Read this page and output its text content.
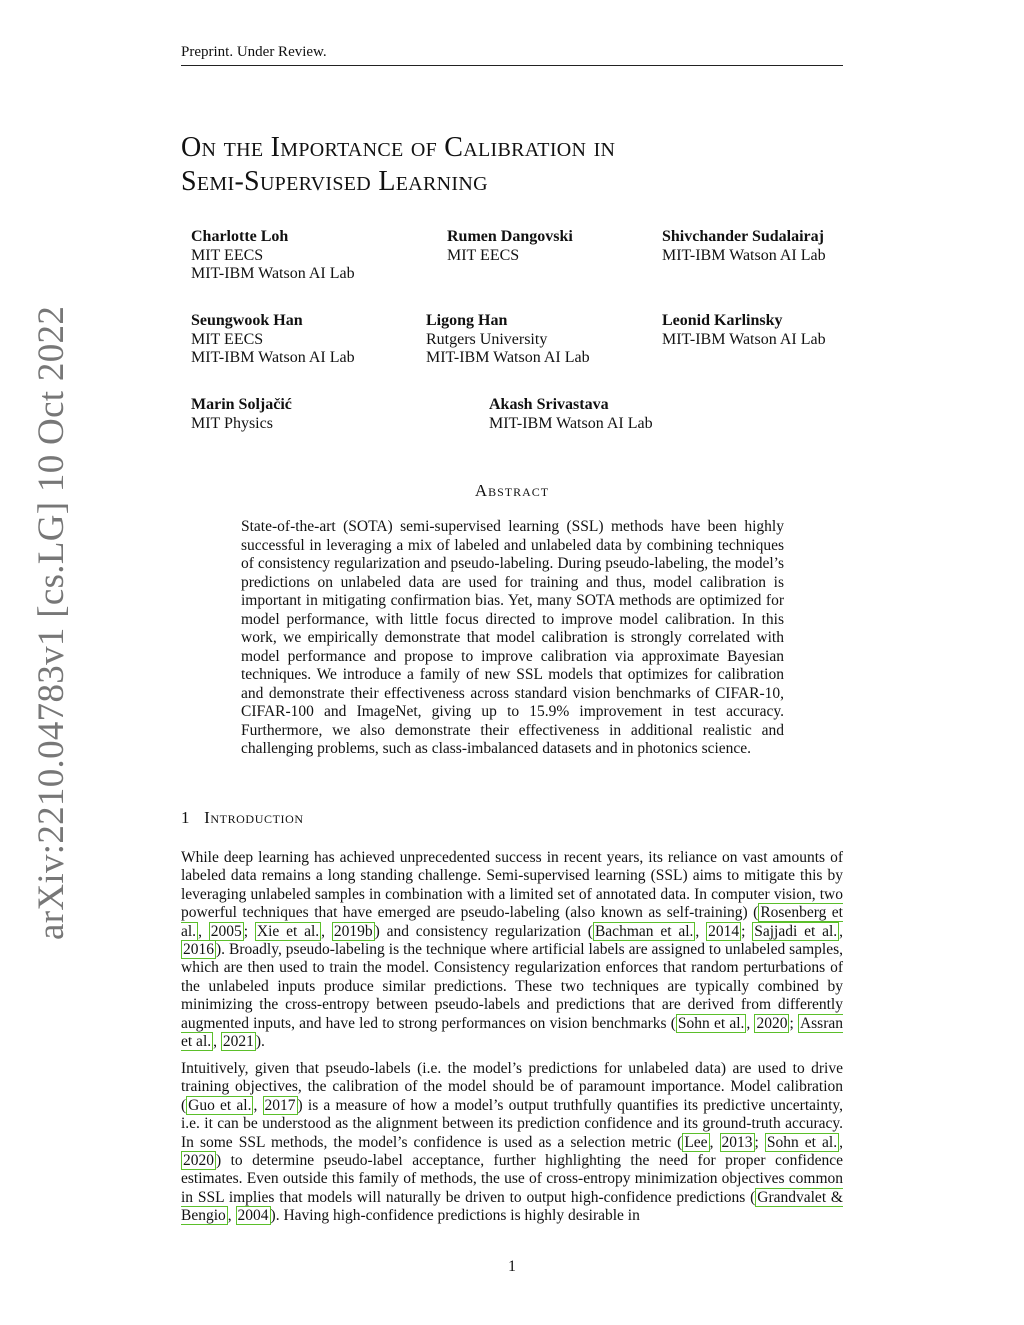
Preprint. Under Review.
On the Importance of Calibration in
Semi-Supervised Learning
Charlotte Loh
MIT EECS
MIT-IBM Watson AI Lab
Rumen Dangovski
MIT EECS
Shivchander Sudalairaj
MIT-IBM Watson AI Lab
Seungwook Han
MIT EECS
MIT-IBM Watson AI Lab
Ligong Han
Rutgers University
MIT-IBM Watson AI Lab
Leonid Karlinsky
MIT-IBM Watson AI Lab
Marin Soljačić
MIT Physics
Akash Srivastava
MIT-IBM Watson AI Lab
arXiv:2210.04783v1 [cs.LG] 10 Oct 2022	Abstract
State-of-the-art (SOTA) semi-supervised learning (SSL) methods have been highly successful in leveraging a mix of labeled and unlabeled data by combining techniques of consistency regularization and pseudo-labeling. During pseudo-labeling, the model’s predictions on unlabeled data are used for training and thus, model calibration is important in mitigating confirmation bias. Yet, many SOTA methods are optimized for model performance, with little focus directed to improve model calibration. In this work, we empirically demonstrate that model calibration is strongly correlated with model performance and propose to improve calibration via approximate Bayesian techniques. We introduce a family of new SSL models that optimizes for calibration and demonstrate their effectiveness across standard vision benchmarks of CIFAR-10, CIFAR-100 and ImageNet, giving up to 15.9% improvement in test accuracy. Furthermore, we also demonstrate their effectiveness in additional realistic and challenging problems, such as class-imbalanced datasets and in photonics science.
1 Introduction
While deep learning has achieved unprecedented success in recent years, its reliance on vast amounts of labeled data remains a long standing challenge. Semi-supervised learning (SSL) aims to mitigate this by leveraging unlabeled samples in combination with a limited set of annotated data. In computer vision, two powerful techniques that have emerged are pseudo-labeling (also known as self-training) ( Rosenberg et al. , 2005 ; Xie et al. , 2019b ) and consistency regularization ( Bachman et al. , 2014 ; Sajjadi et al. , 2016 ). Broadly, pseudo-labeling is the technique where artificial labels are assigned to unlabeled samples, which are then used to train the model. Consistency regularization enforces that random perturbations of the unlabeled inputs produce similar predictions. These two techniques are typically combined by minimizing the cross-entropy between pseudo-labels and predictions that are derived from differently augmented inputs, and have led to strong performances on vision benchmarks ( Sohn et al. , 2020 ; Assran et al. , 2021 ).
Intuitively, given that pseudo-labels (i.e. the model’s predictions for unlabeled data) are used to drive training objectives, the calibration of the model should be of paramount importance. Model calibration ( Guo et al. , 2017 ) is a measure of how a model’s output truthfully quantifies its predictive uncertainty, i.e. it can be understood as the alignment between its prediction confidence and its ground-truth accuracy. In some SSL methods, the model’s confidence is used as a selection metric ( Lee , 2013 ; Sohn et al. , 2020 ) to determine pseudo-label acceptance, further highlighting the need for proper confidence estimates. Even outside this family of methods, the use of cross-entropy minimization objectives common in SSL implies that models will naturally be driven to output high-confidence predictions ( Grandvalet & Bengio , 2004 ). Having high-confidence predictions is highly desirable in
1
